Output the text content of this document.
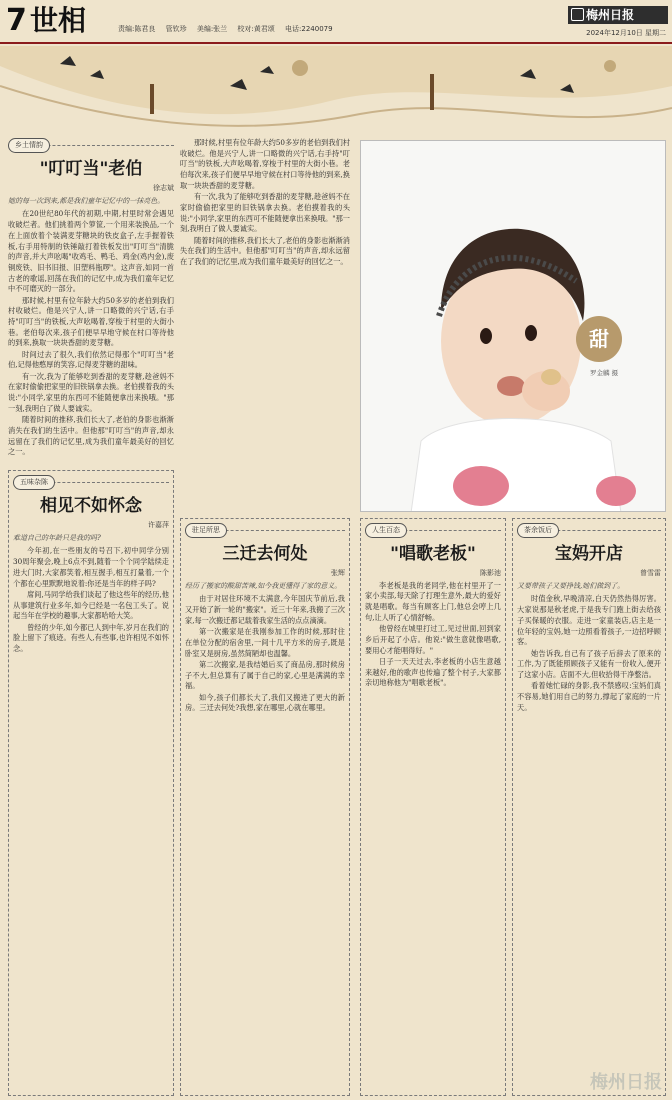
7 世相	责编:陈君良 管钦珍 美编:张兰 校对:黄君颂 电话:2240079
梅州日报
2024年12月10日 星期二
乡土情韵
"叮叮当"老伯
徐志斌
她的每一次到来,都是我们童年记忆中的一抹亮色。

在20世纪80年代的初期,中期,村里时常会遇见收破烂者。他们挑着两个箩筐,一个用来装换品,一个在上面放着个装满麦芽糖块的铁皮盒子,左手握着铁板,右手用特制的铁锤敲打着铁板发出"叮叮当"清脆的声音,并大声吆喝"收鸡毛、鸭毛、鸡金(鸡内金),废铜废铁、旧书旧报、旧塑料瓶啰"。这声音,如同一首古老的歌谣,回荡在我们的记忆中,成为我们童年记忆中不可磨灭的一部分。

那时候,村里有位年龄大约50多岁的老伯到我们村收破烂。他是兴宁人,讲一口略微的兴宁话,右手持"叮叮当"的铁板,大声吆喝着,穿梭于村里的大街小巷。老伯每次来,孩子们便早早地守候在村口等待他的到来,换取一块块香甜的麦芽糖。

时间过去了很久,我们依然记得那个"叮叮当"老伯,记得他憨厚的笑容,记得麦芽糖的甜味。

有一次,我为了能够吃到香甜的麦芽糖,趁爸妈不在家时偷偷把家里的旧铁锅拿去换。老伯摸着我的头说:"小同学,家里的东西可不能随便拿出来换哦。"那一刻,我明白了做人要诚实。

随着时间的推移,我们长大了,老伯的身影也渐渐消失在我们的生活中。但他那"叮叮当"的声音,却永远留在了我们的记忆里,成为我们童年最美好的回忆之一。

那时候,村里有位年龄大约50多岁的老伯到我们村收破烂。他是兴宁人,讲一口略微的兴宁话,右手持"叮叮当"的铁板,大声吆喝着,穿梭于村里的大街小巷。老伯每次来,孩子们便早早地守候在村口等待他的到来,换取一块块香甜的麦芽糖。

有一次,我为了能够吃到香甜的麦芽糖,趁爸妈不在家时偷偷把家里的旧铁锅拿去换。老伯摸着我的头说:"小同学,家里的东西可不能随便拿出来换哦。"那一刻,我明白了做人要诚实。

随着时间的推移,我们长大了,老伯的身影也渐渐消失在我们的生活中。但他那"叮叮当"的声音,却永远留在了我们的记忆里,成为我们童年最美好的回忆之一。

五味杂陈
相见不如怀念
许嘉萍
难道自己的年龄只是我的吗?

今年初,在一些朋友的号召下,初中同学分别30周年聚会,晚上6点不到,随着一个个同学陆续走进大门时,大家都笑着,相互握手,相互打量着,一个个都在心里默默地说着:你还是当年的样子吗?

席间,马同学给我们谈起了他这些年的经历,他从事建筑行业多年,如今已经是一名包工头了。说起当年在学校的趣事,大家都哈哈大笑。

曾经的少年,如今都已人到中年,岁月在我们的脸上留下了痕迹。有些人,有些事,也许相见不如怀念。

驻足所思
三迁去何处
张辉
经历了搬家的酸甜苦辣,如今我更懂得了家的意义。

由于对居住环境不太满意,今年国庆节前后,我又开始了新一轮的"搬家"。近三十年来,我搬了三次家,每一次搬迁都记载着我家生活的点点滴滴。

第一次搬家是在我刚参加工作的时候,那时住在单位分配的宿舍里,一间十几平方米的房子,既是卧室又是厨房,虽然简陋却也温馨。

第二次搬家,是我结婚后买了商品房,那时候房子不大,但总算有了属于自己的家,心里是满满的幸福。

如今,孩子们都长大了,我们又搬进了更大的新房。三迁去何处?我想,家在哪里,心就在哪里。

甜
罗金麟 摄
人生百态
"唱歌老板"
陈影池

李老板是我的老同学,他在村里开了一家小卖部,每天除了打理生意外,最大的爱好就是唱歌。每当有顾客上门,他总会哼上几句,让人听了心情舒畅。

他曾经在城里打过工,见过世面,回到家乡后开起了小店。他说:"做生意就像唱歌,要用心才能唱得好。"

日子一天天过去,李老板的小店生意越来越好,他的歌声也传遍了整个村子,大家都亲切地称他为"唱歌老板"。

茶余饭后
宝妈开店
曾雪雷
又要带孩子又要挣钱,她们做到了。

时值金秋,早晚清凉,白天仍然热得厉害。大家说那是秋老虎,于是我专门跑上街去给孩子买保暖的衣服。走进一家童装店,店主是一位年轻的宝妈,她一边照看着孩子,一边招呼顾客。

她告诉我,自己有了孩子后辞去了原来的工作,为了既能照顾孩子又能有一份收入,便开了这家小店。店面不大,但收拾得干净整洁。

看着她忙碌的身影,我不禁感叹:宝妈们真不容易,她们用自己的努力,撑起了家庭的一片天。

梅州日报
